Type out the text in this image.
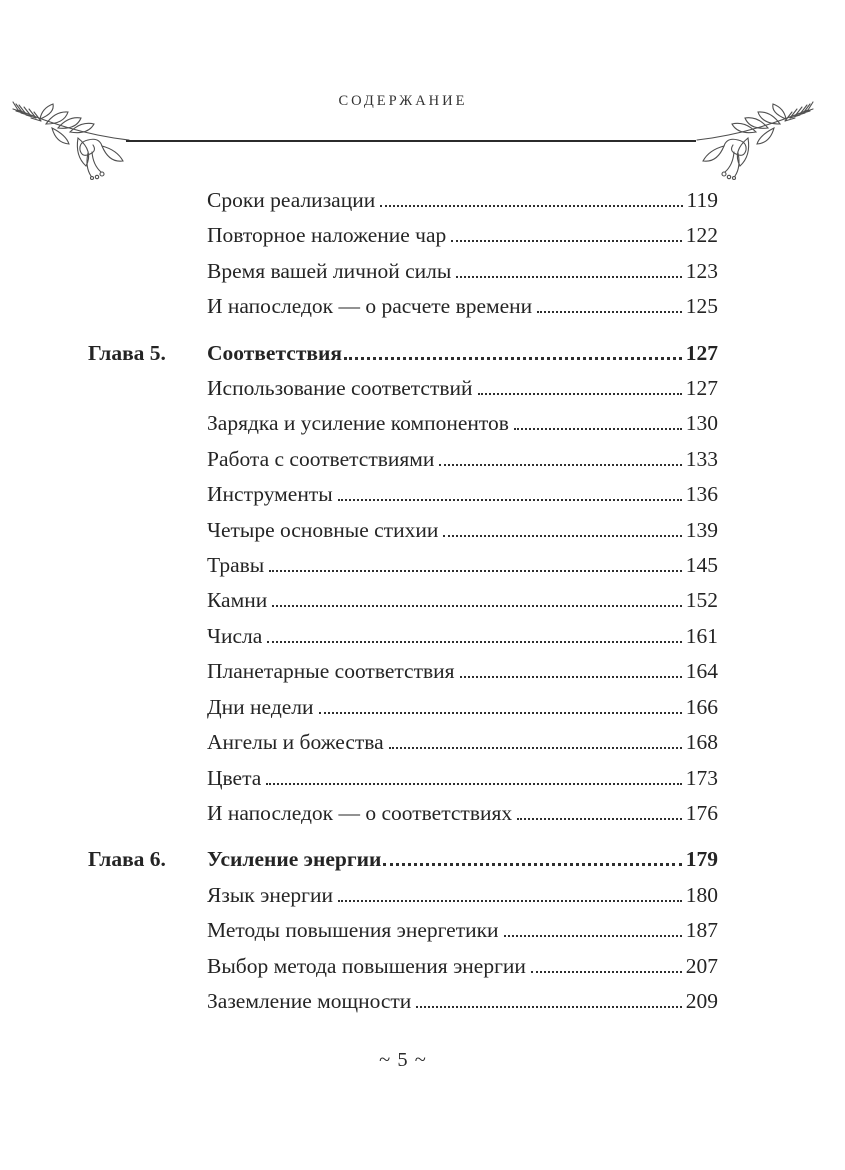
СОДЕРЖАНИЕ
Сроки реализации	119
Повторное наложение чар	122
Время вашей личной силы	123
И напоследок — о расчете времени	125
Глава 5.	Соответствия	127
Использование соответствий	127
Зарядка и усиление компонентов	130
Работа с соответствиями	133
Инструменты	136
Четыре основные стихии	139
Травы	145
Камни	152
Числа	161
Планетарные соответствия	164
Дни недели	166
Ангелы и божества	168
Цвета	173
И напоследок — о соответствиях	176
Глава 6.	Усиление энергии	179
Язык энергии	180
Методы повышения энергетики	187
Выбор метода повышения энергии	207
Заземление мощности	209
~ 5 ~
